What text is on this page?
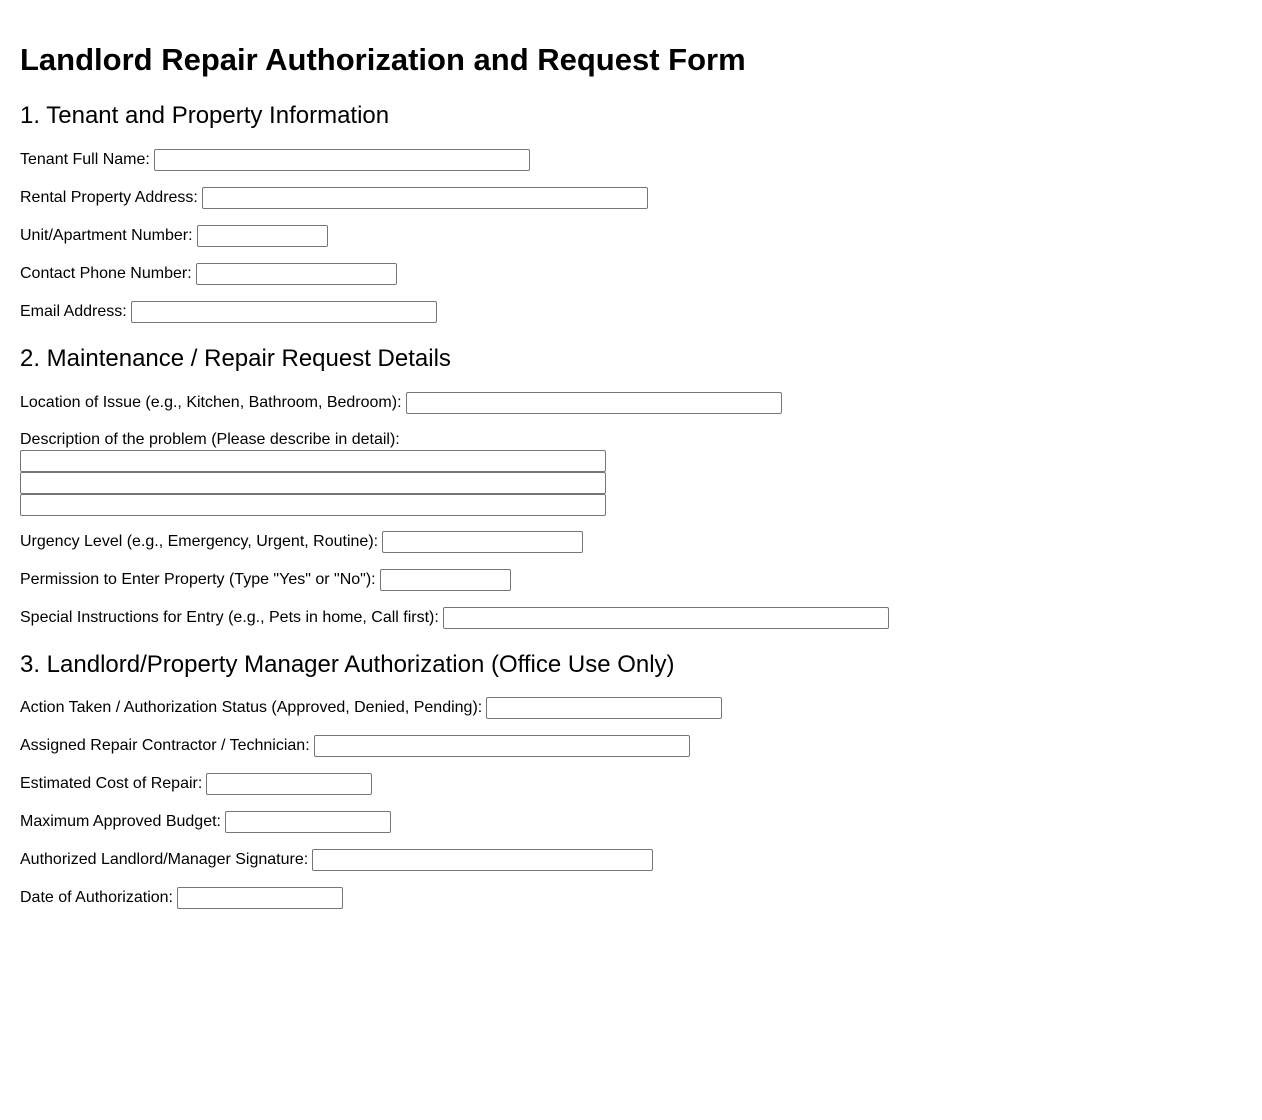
Landlord Repair Authorization and Request Form
1. Tenant and Property Information
Tenant Full Name:
Rental Property Address:
Unit/Apartment Number:
Contact Phone Number:
Email Address:
2. Maintenance / Repair Request Details
Location of Issue (e.g., Kitchen, Bathroom, Bedroom):
Description of the problem (Please describe in detail):
Urgency Level (e.g., Emergency, Urgent, Routine):
Permission to Enter Property (Type "Yes" or "No"):
Special Instructions for Entry (e.g., Pets in home, Call first):
3. Landlord/Property Manager Authorization (Office Use Only)
Action Taken / Authorization Status (Approved, Denied, Pending):
Assigned Repair Contractor / Technician:
Estimated Cost of Repair:
Maximum Approved Budget:
Authorized Landlord/Manager Signature:
Date of Authorization:
